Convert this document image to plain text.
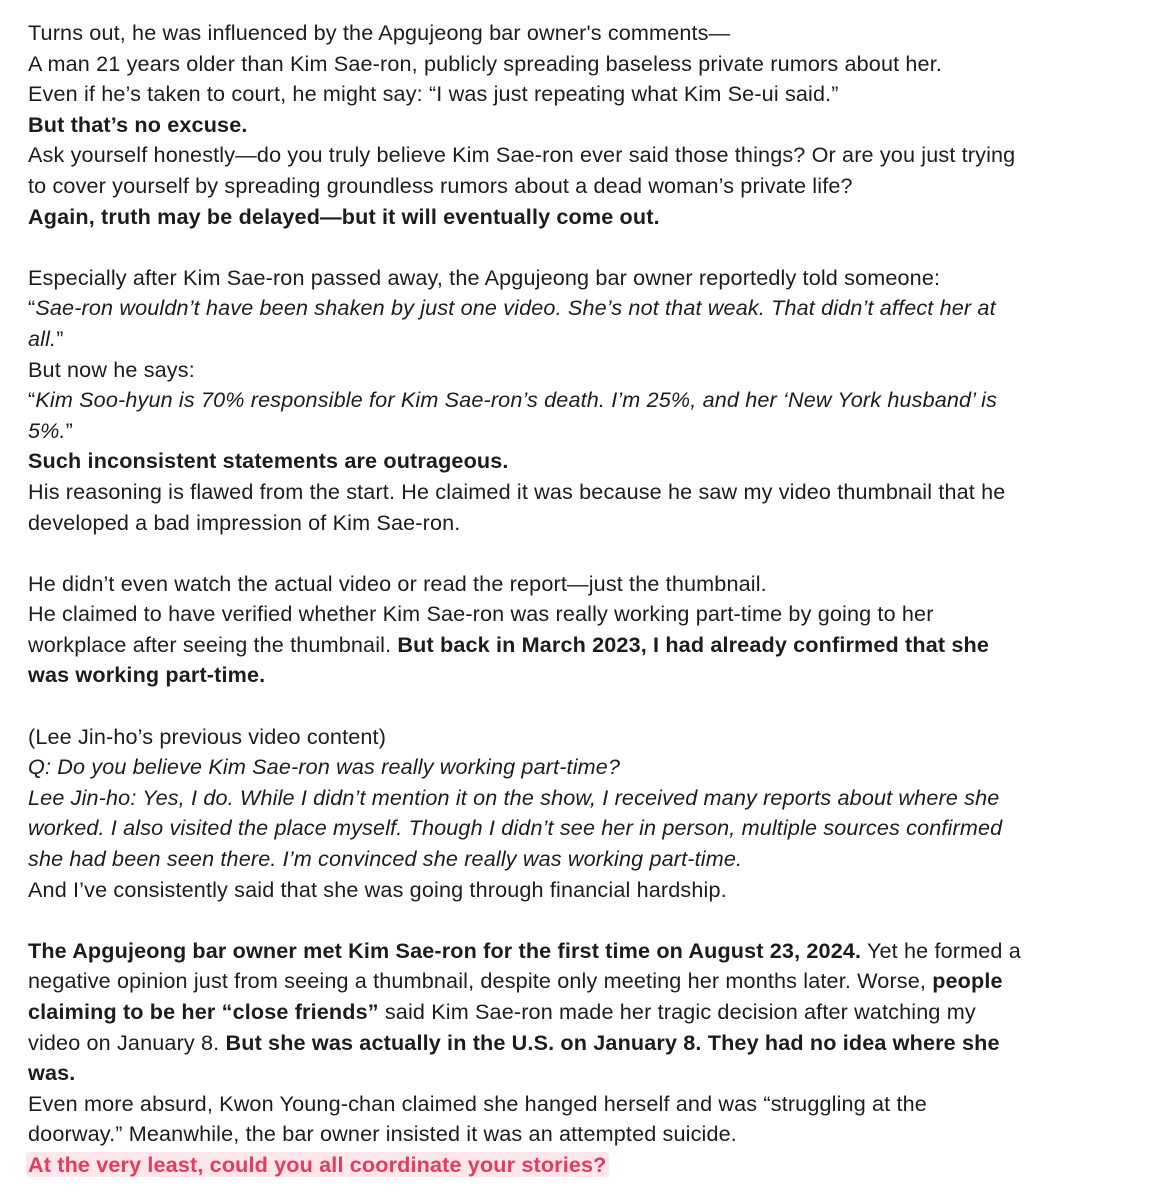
Turns out, he was influenced by the Apgujeong bar owner's comments—
A man 21 years older than Kim Sae-ron, publicly spreading baseless private rumors about her.
Even if he’s taken to court, he might say: “I was just repeating what Kim Se-ui said.”
But that’s no excuse.
Ask yourself honestly—do you truly believe Kim Sae-ron ever said those things? Or are you just trying
to cover yourself by spreading groundless rumors about a dead woman’s private life?
Again, truth may be delayed—but it will eventually come out.
Especially after Kim Sae-ron passed away, the Apgujeong bar owner reportedly told someone:
“Sae-ron wouldn’t have been shaken by just one video. She’s not that weak. That didn’t affect her at
all.”
But now he says:
“Kim Soo-hyun is 70% responsible for Kim Sae-ron’s death. I’m 25%, and her ‘New York husband’ is
5%.”
Such inconsistent statements are outrageous.
His reasoning is flawed from the start. He claimed it was because he saw my video thumbnail that he
developed a bad impression of Kim Sae-ron.
He didn’t even watch the actual video or read the report—just the thumbnail.
He claimed to have verified whether Kim Sae-ron was really working part-time by going to her
workplace after seeing the thumbnail. But back in March 2023, I had already confirmed that she
was working part-time.
(Lee Jin-ho’s previous video content)
Q: Do you believe Kim Sae-ron was really working part-time?
Lee Jin-ho: Yes, I do. While I didn’t mention it on the show, I received many reports about where she
worked. I also visited the place myself. Though I didn’t see her in person, multiple sources confirmed
she had been seen there. I’m convinced she really was working part-time.
And I’ve consistently said that she was going through financial hardship.
The Apgujeong bar owner met Kim Sae-ron for the first time on August 23, 2024. Yet he formed a
negative opinion just from seeing a thumbnail, despite only meeting her months later. Worse, people
claiming to be her “close friends” said Kim Sae-ron made her tragic decision after watching my
video on January 8. But she was actually in the U.S. on January 8. They had no idea where she
was.
Even more absurd, Kwon Young-chan claimed she hanged herself and was “struggling at the
doorway.” Meanwhile, the bar owner insisted it was an attempted suicide.
At the very least, could you all coordinate your stories?
